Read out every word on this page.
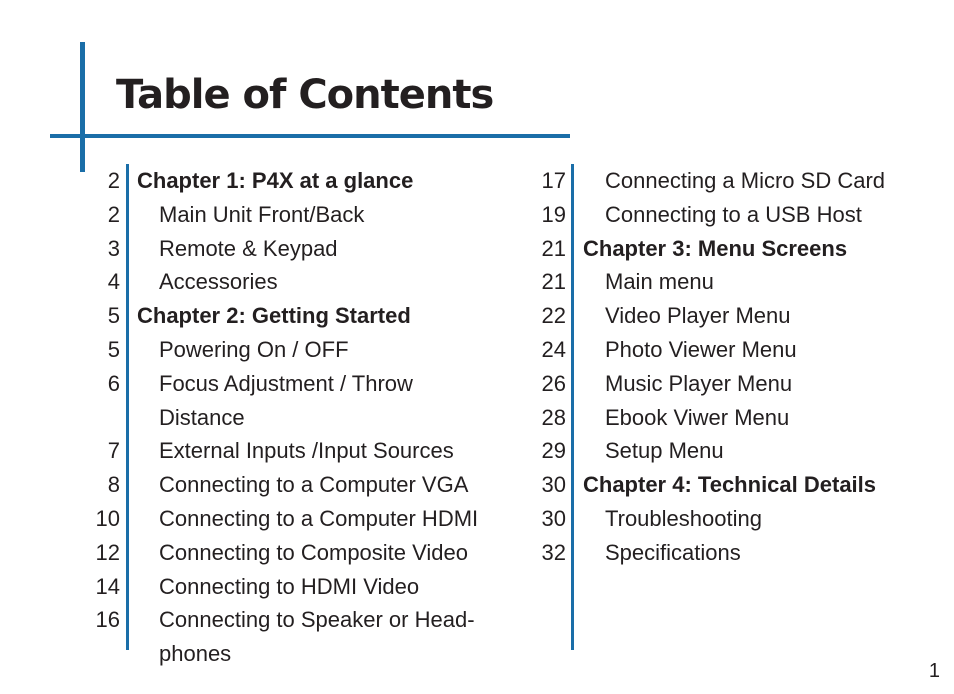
Table of Contents
2 Chapter 1: P4X at a glance
2	Main Unit Front/Back
3	Remote & Keypad
4	Accessories
5 Chapter 2: Getting Started
5	Powering On / OFF
6	Focus Adjustment / Throw
Distance
7	External Inputs /Input Sources
8	Connecting to a Computer VGA
10	Connecting to a Computer HDMI
12	Connecting to Composite Video
14	Connecting to HDMI Video
16	Connecting to Speaker or Head-
phones
17	Connecting a Micro SD Card
19	Connecting to a USB Host
21 Chapter 3: Menu Screens
21	Main menu
22	Video Player Menu
24	Photo Viewer Menu
26	Music Player Menu
28	Ebook Viwer Menu
29	Setup Menu
30 Chapter 4: Technical Details
30	Troubleshooting
32	Specifications
1
